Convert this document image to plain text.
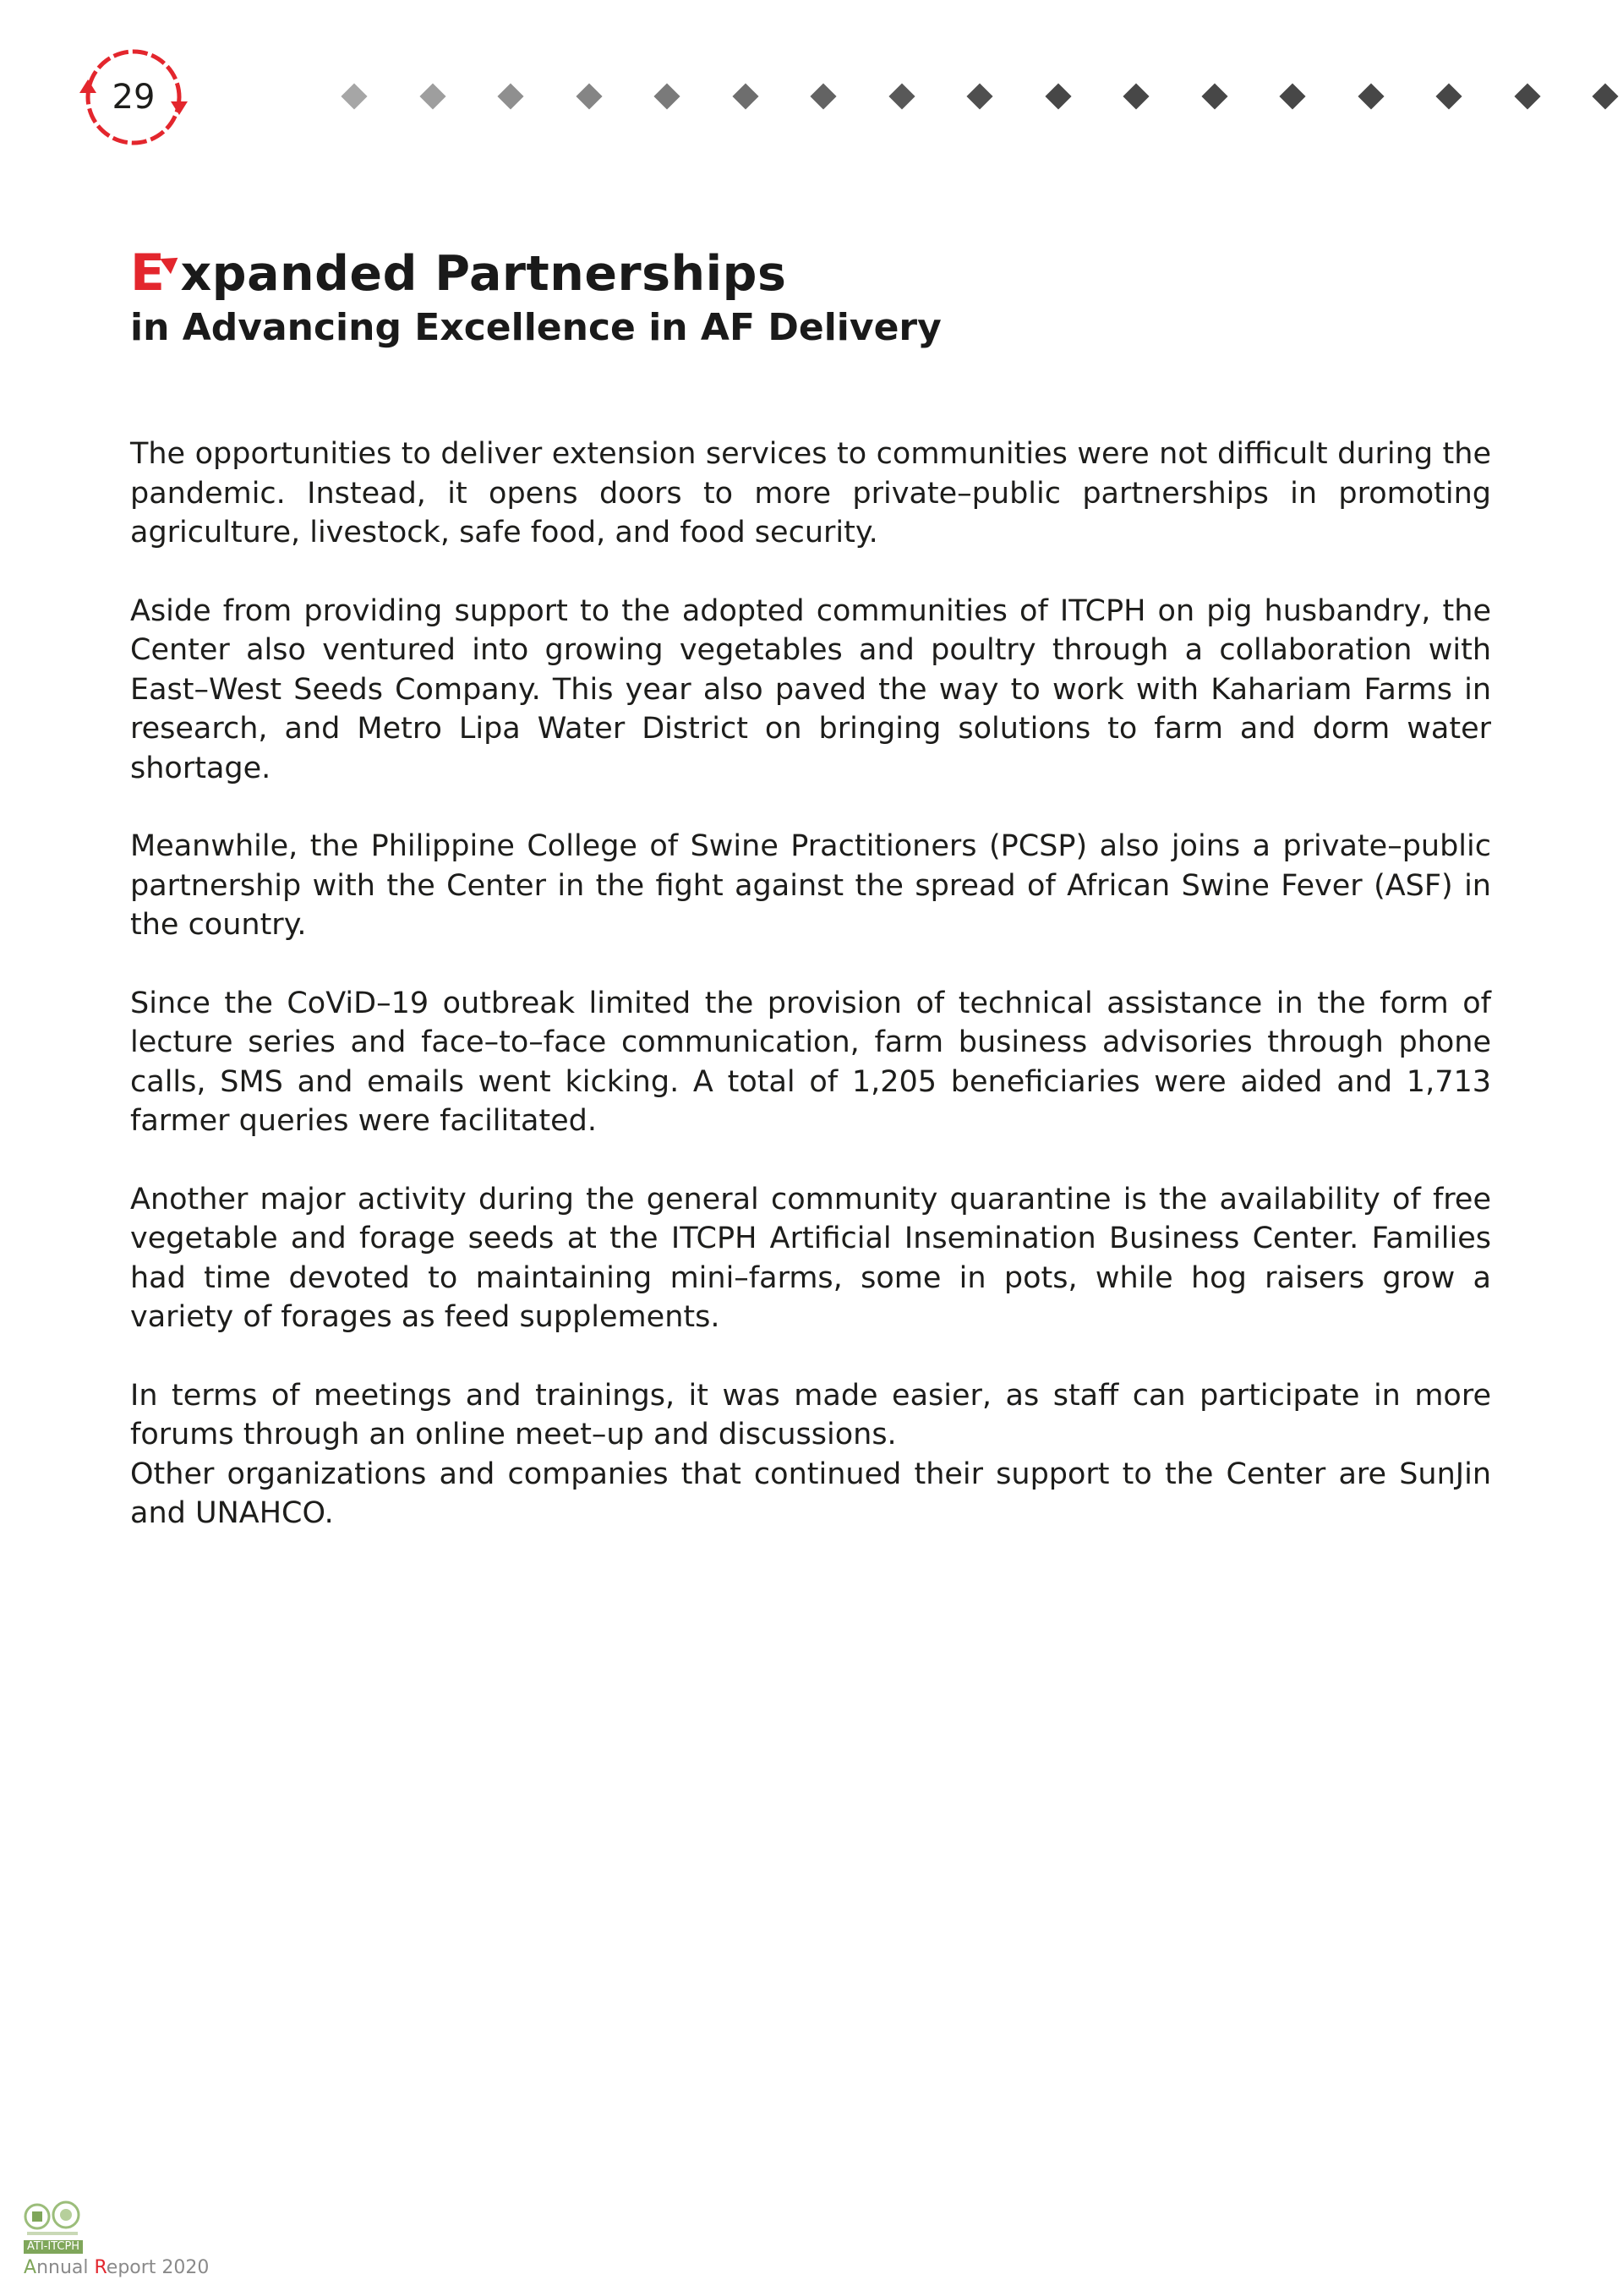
29
E xpanded Partnerships
in Advancing Excellence in AF Delivery

The opportunities to deliver extension services to communities were not difficult during the pandemic. Instead, it opens doors to more private–public partnerships in promoting agriculture, livestock, safe food, and food security.

Aside from providing support to the adopted communities of ITCPH on pig husbandry, the Center also ventured into growing vegetables and poultry through a collaboration with East–West Seeds Company. This year also paved the way to work with Kahariam Farms in research, and Metro Lipa Water District on bringing solutions to farm and dorm water shortage.

Meanwhile, the Philippine College of Swine Practitioners (PCSP) also joins a private–public partnership with the Center in the fight against the spread of African Swine Fever (ASF) in the country.

Since the CoViD–19 outbreak limited the provision of technical assistance in the form of lecture series and face–to–face communication, farm business advisories through phone calls, SMS and emails went kicking. A total of 1,205 beneficiaries were aided and 1,713 farmer queries were facilitated.

Another major activity during the general community quarantine is the availability of free vegetable and forage seeds at the ITCPH Artificial Insemination Business Center. Families had time devoted to maintaining mini–farms, some in pots, while hog raisers grow a variety of forages as feed supplements.

In terms of meetings and trainings, it was made easier, as staff can participate in more forums through an online meet–up and discussions.

Other organizations and companies that continued their support to the Center are SunJin and UNAHCO.

ATI-ITCPH
Annual Report 2020
